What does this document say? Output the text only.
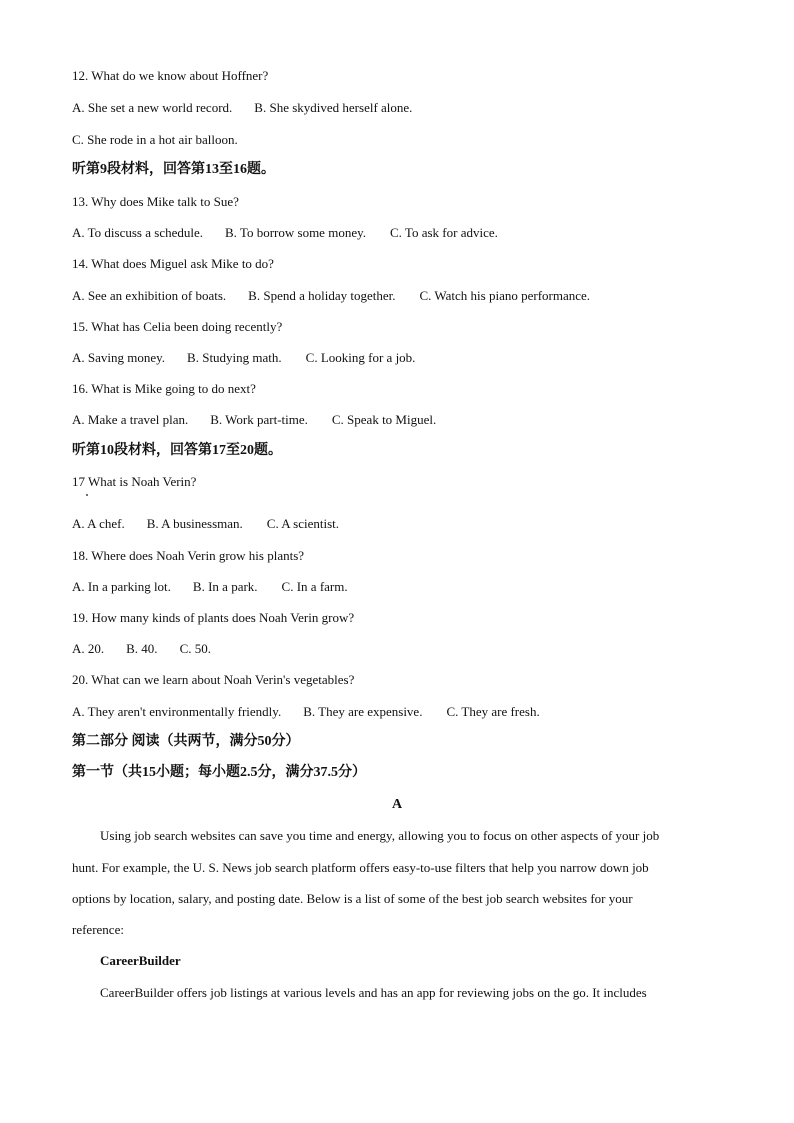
12. What do we know about Hoffner?
A. She set a new world record. B. She skydived herself alone.
C. She rode in a hot air balloon.
听第9段材料，回答第13至16题。
13. Why does Mike talk to Sue?
A. To discuss a schedule. B. To borrow some money. C. To ask for advice.
14. What does Miguel ask Mike to do?
A. See an exhibition of boats. B. Spend a holiday together. C. Watch his piano performance.
15. What has Celia been doing recently?
A. Saving money. B. Studying math. C. Looking for a job.
16. What is Mike going to do next?
A. Make a travel plan. B. Work part-time. C. Speak to Miguel.
听第10段材料，回答第17至20题。
17 What is Noah Verin?
A. A chef. B. A businessman. C. A scientist.
18. Where does Noah Verin grow his plants?
A. In a parking lot. B. In a park. C. In a farm.
19. How many kinds of plants does Noah Verin grow?
A. 20. B. 40. C. 50.
20. What can we learn about Noah Verin's vegetables?
A. They aren't environmentally friendly. B. They are expensive. C. They are fresh.
第二部分 阅读（共两节，满分50分）
第一节（共15小题；每小题2.5分，满分37.5分）
A
Using job search websites can save you time and energy, allowing you to focus on other aspects of your job
hunt. For example, the U. S. News job search platform offers easy-to-use filters that help you narrow down job
options by location, salary, and posting date. Below is a list of some of the best job search websites for your
reference:
CareerBuilder
CareerBuilder offers job listings at various levels and has an app for reviewing jobs on the go. It includes
